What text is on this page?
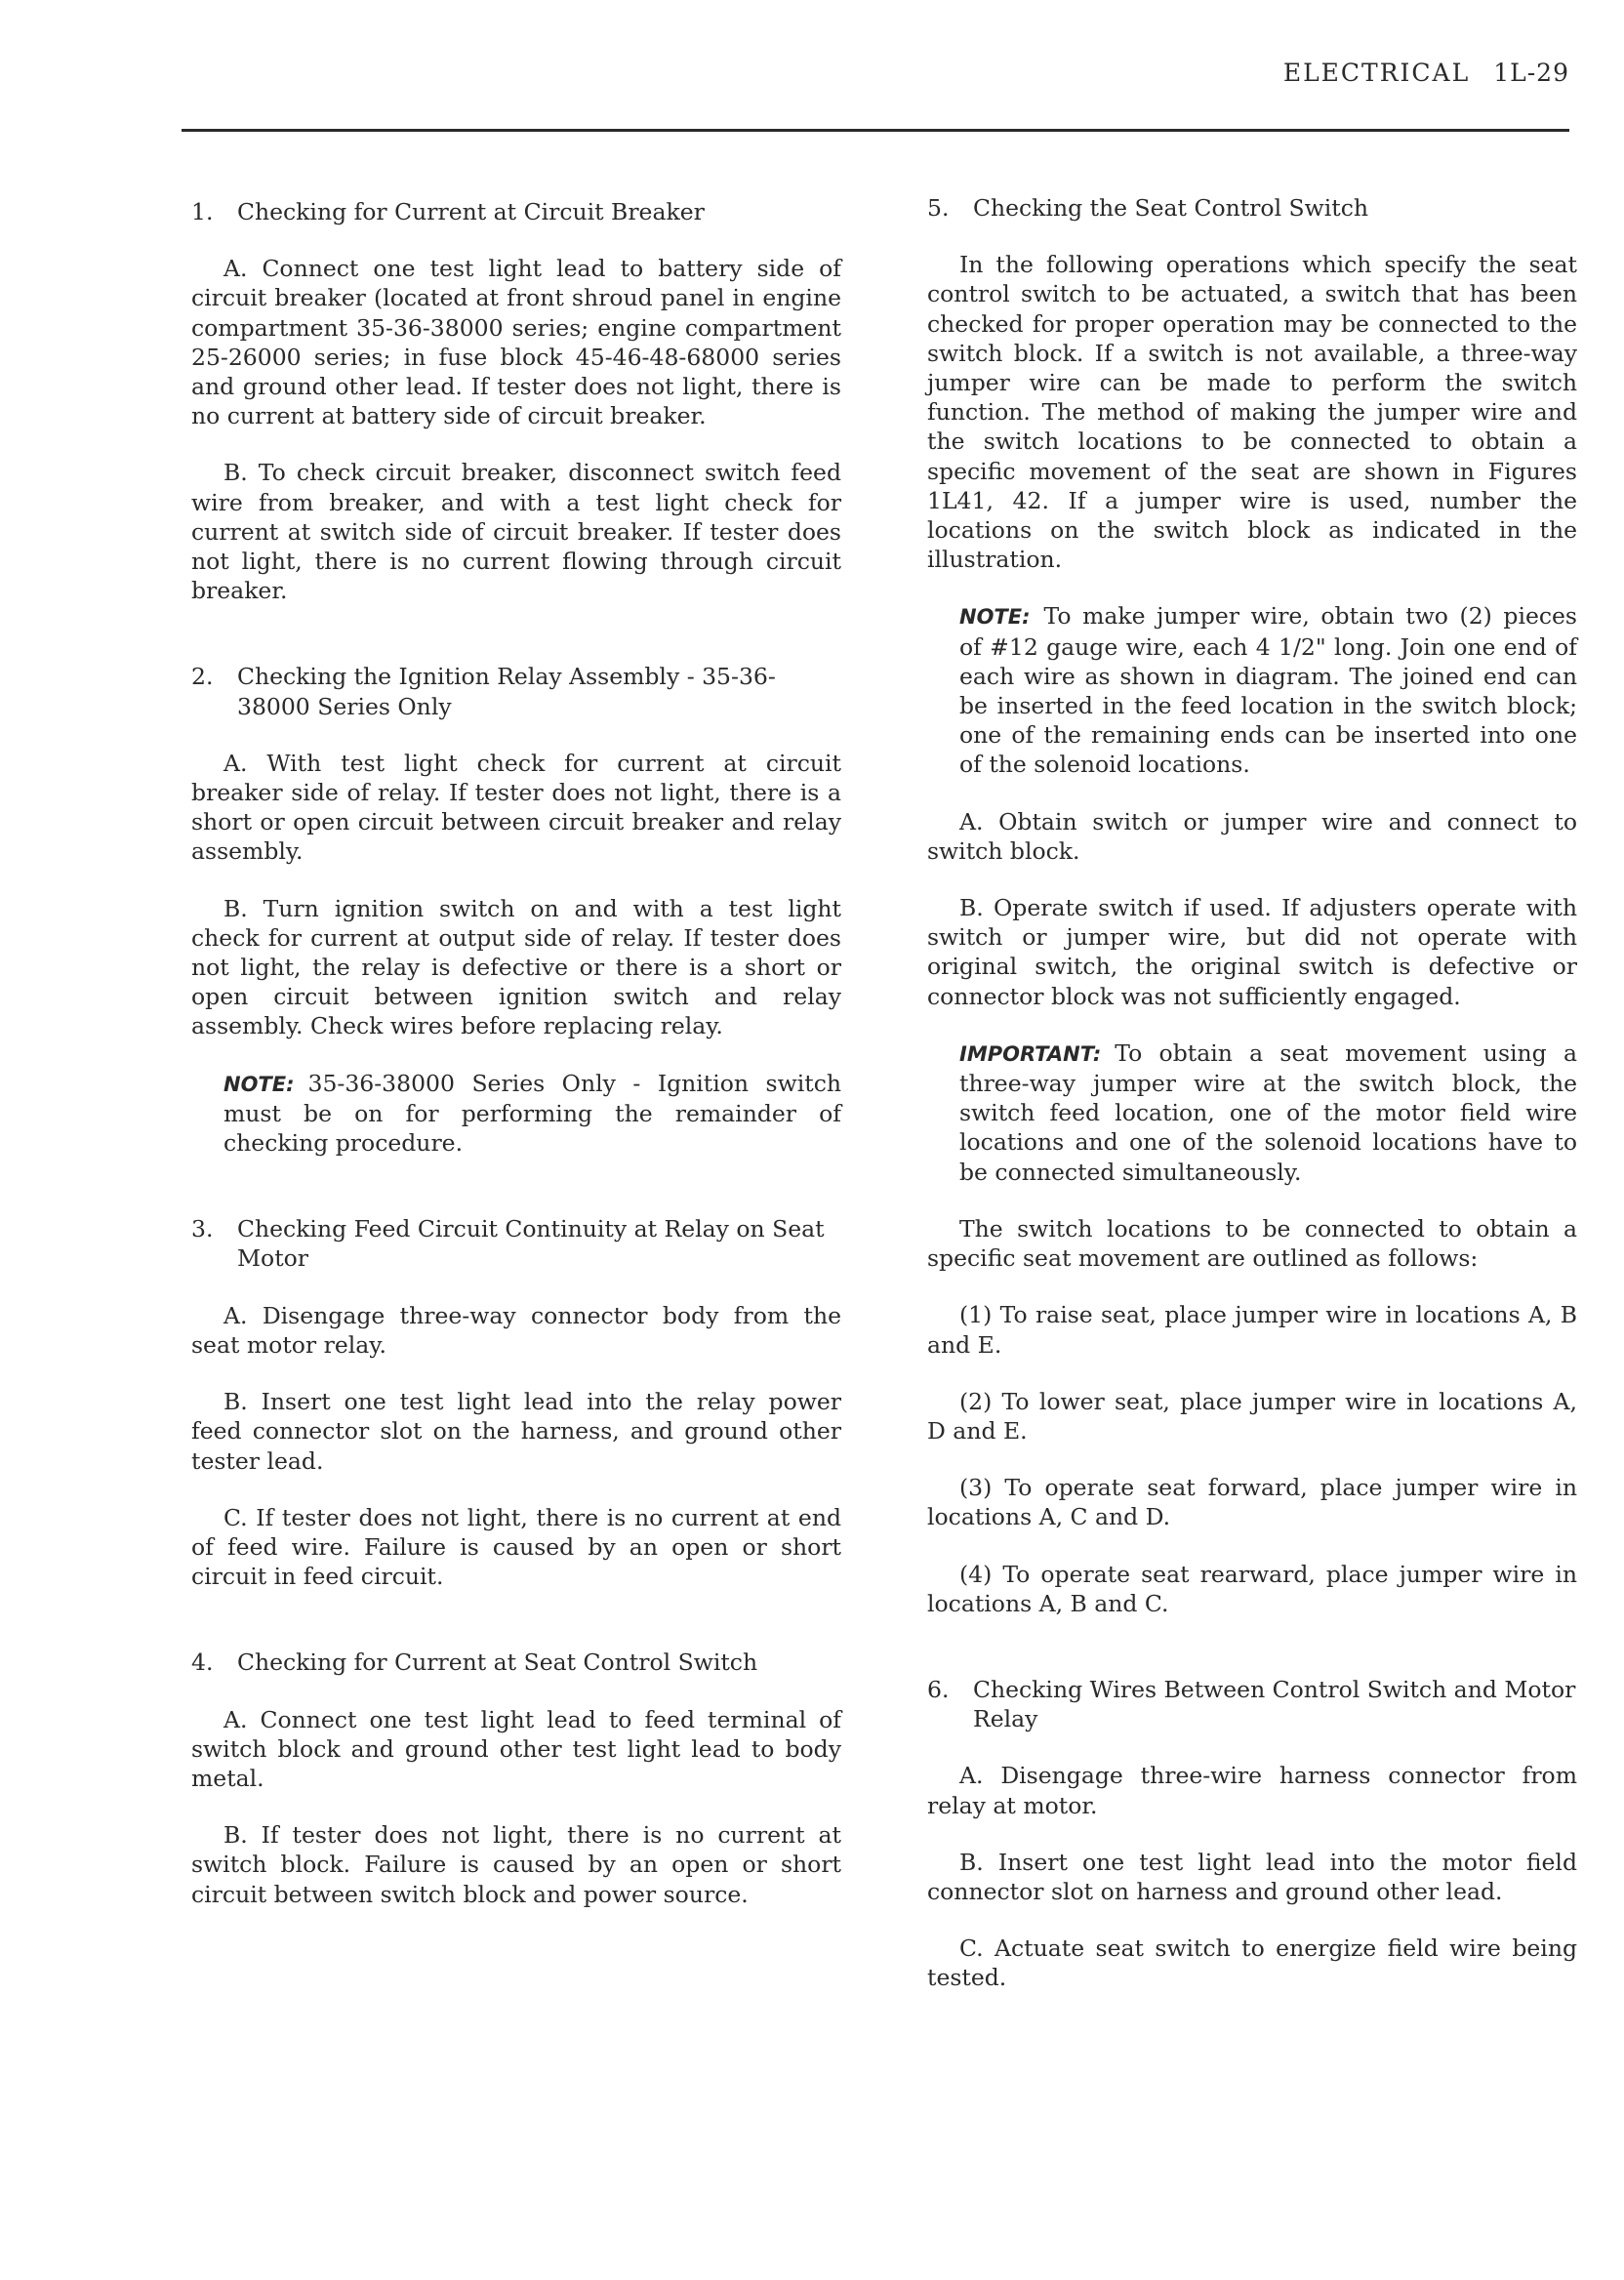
ELECTRICAL 1L-29
1.	Checking for Current at Circuit Breaker

A. Connect one test light lead to battery side of circuit breaker (located at front shroud panel in engine compartment 35-36-38000 series; engine compartment 25-26000 series; in fuse block 45-46-48-68000 series and ground other lead. If tester does not light, there is no current at battery side of circuit breaker.

B. To check circuit breaker, disconnect switch feed wire from breaker, and with a test light check for current at switch side of circuit breaker. If tester does not light, there is no current flowing through circuit breaker.

2.	Checking the Ignition Relay Assembly - 35-36-38000 Series Only

A. With test light check for current at circuit breaker side of relay. If tester does not light, there is a short or open circuit between circuit breaker and relay assembly.

B. Turn ignition switch on and with a test light check for current at output side of relay. If tester does not light, the relay is defective or there is a short or open circuit between ignition switch and relay assembly. Check wires before replacing relay.

NOTE: 35-36-38000 Series Only - Ignition switch must be on for performing the remainder of checking procedure.

3.	Checking Feed Circuit Continuity at Relay on Seat Motor

A. Disengage three-way connector body from the seat motor relay.

B. Insert one test light lead into the relay power feed connector slot on the harness, and ground other tester lead.

C. If tester does not light, there is no current at end of feed wire. Failure is caused by an open or short circuit in feed circuit.

4.	Checking for Current at Seat Control Switch

A. Connect one test light lead to feed terminal of switch block and ground other test light lead to body metal.

B. If tester does not light, there is no current at switch block. Failure is caused by an open or short circuit between switch block and power source.

5.	Checking the Seat Control Switch

In the following operations which specify the seat control switch to be actuated, a switch that has been checked for proper operation may be connected to the switch block. If a switch is not available, a three-way jumper wire can be made to perform the switch function. The method of making the jumper wire and the switch locations to be connected to obtain a specific movement of the seat are shown in Figures 1L41, 42. If a jumper wire is used, number the locations on the switch block as indicated in the illustration.

NOTE: To make jumper wire, obtain two (2) pieces of #12 gauge wire, each 4 1/2" long. Join one end of each wire as shown in diagram. The joined end can be inserted in the feed location in the switch block; one of the remaining ends can be inserted into one of the solenoid locations.

A. Obtain switch or jumper wire and connect to switch block.

B. Operate switch if used. If adjusters operate with switch or jumper wire, but did not operate with original switch, the original switch is defective or connector block was not sufficiently engaged.

IMPORTANT: To obtain a seat movement using a three-way jumper wire at the switch block, the switch feed location, one of the motor field wire locations and one of the solenoid locations have to be connected simultaneously.

The switch locations to be connected to obtain a specific seat movement are outlined as follows:

(1) To raise seat, place jumper wire in locations A, B and E.

(2) To lower seat, place jumper wire in locations A, D and E.

(3) To operate seat forward, place jumper wire in locations A, C and D.

(4) To operate seat rearward, place jumper wire in locations A, B and C.

6.	Checking Wires Between Control Switch and Motor Relay

A. Disengage three-wire harness connector from relay at motor.

B. Insert one test light lead into the motor field connector slot on harness and ground other lead.

C. Actuate seat switch to energize field wire being tested.
